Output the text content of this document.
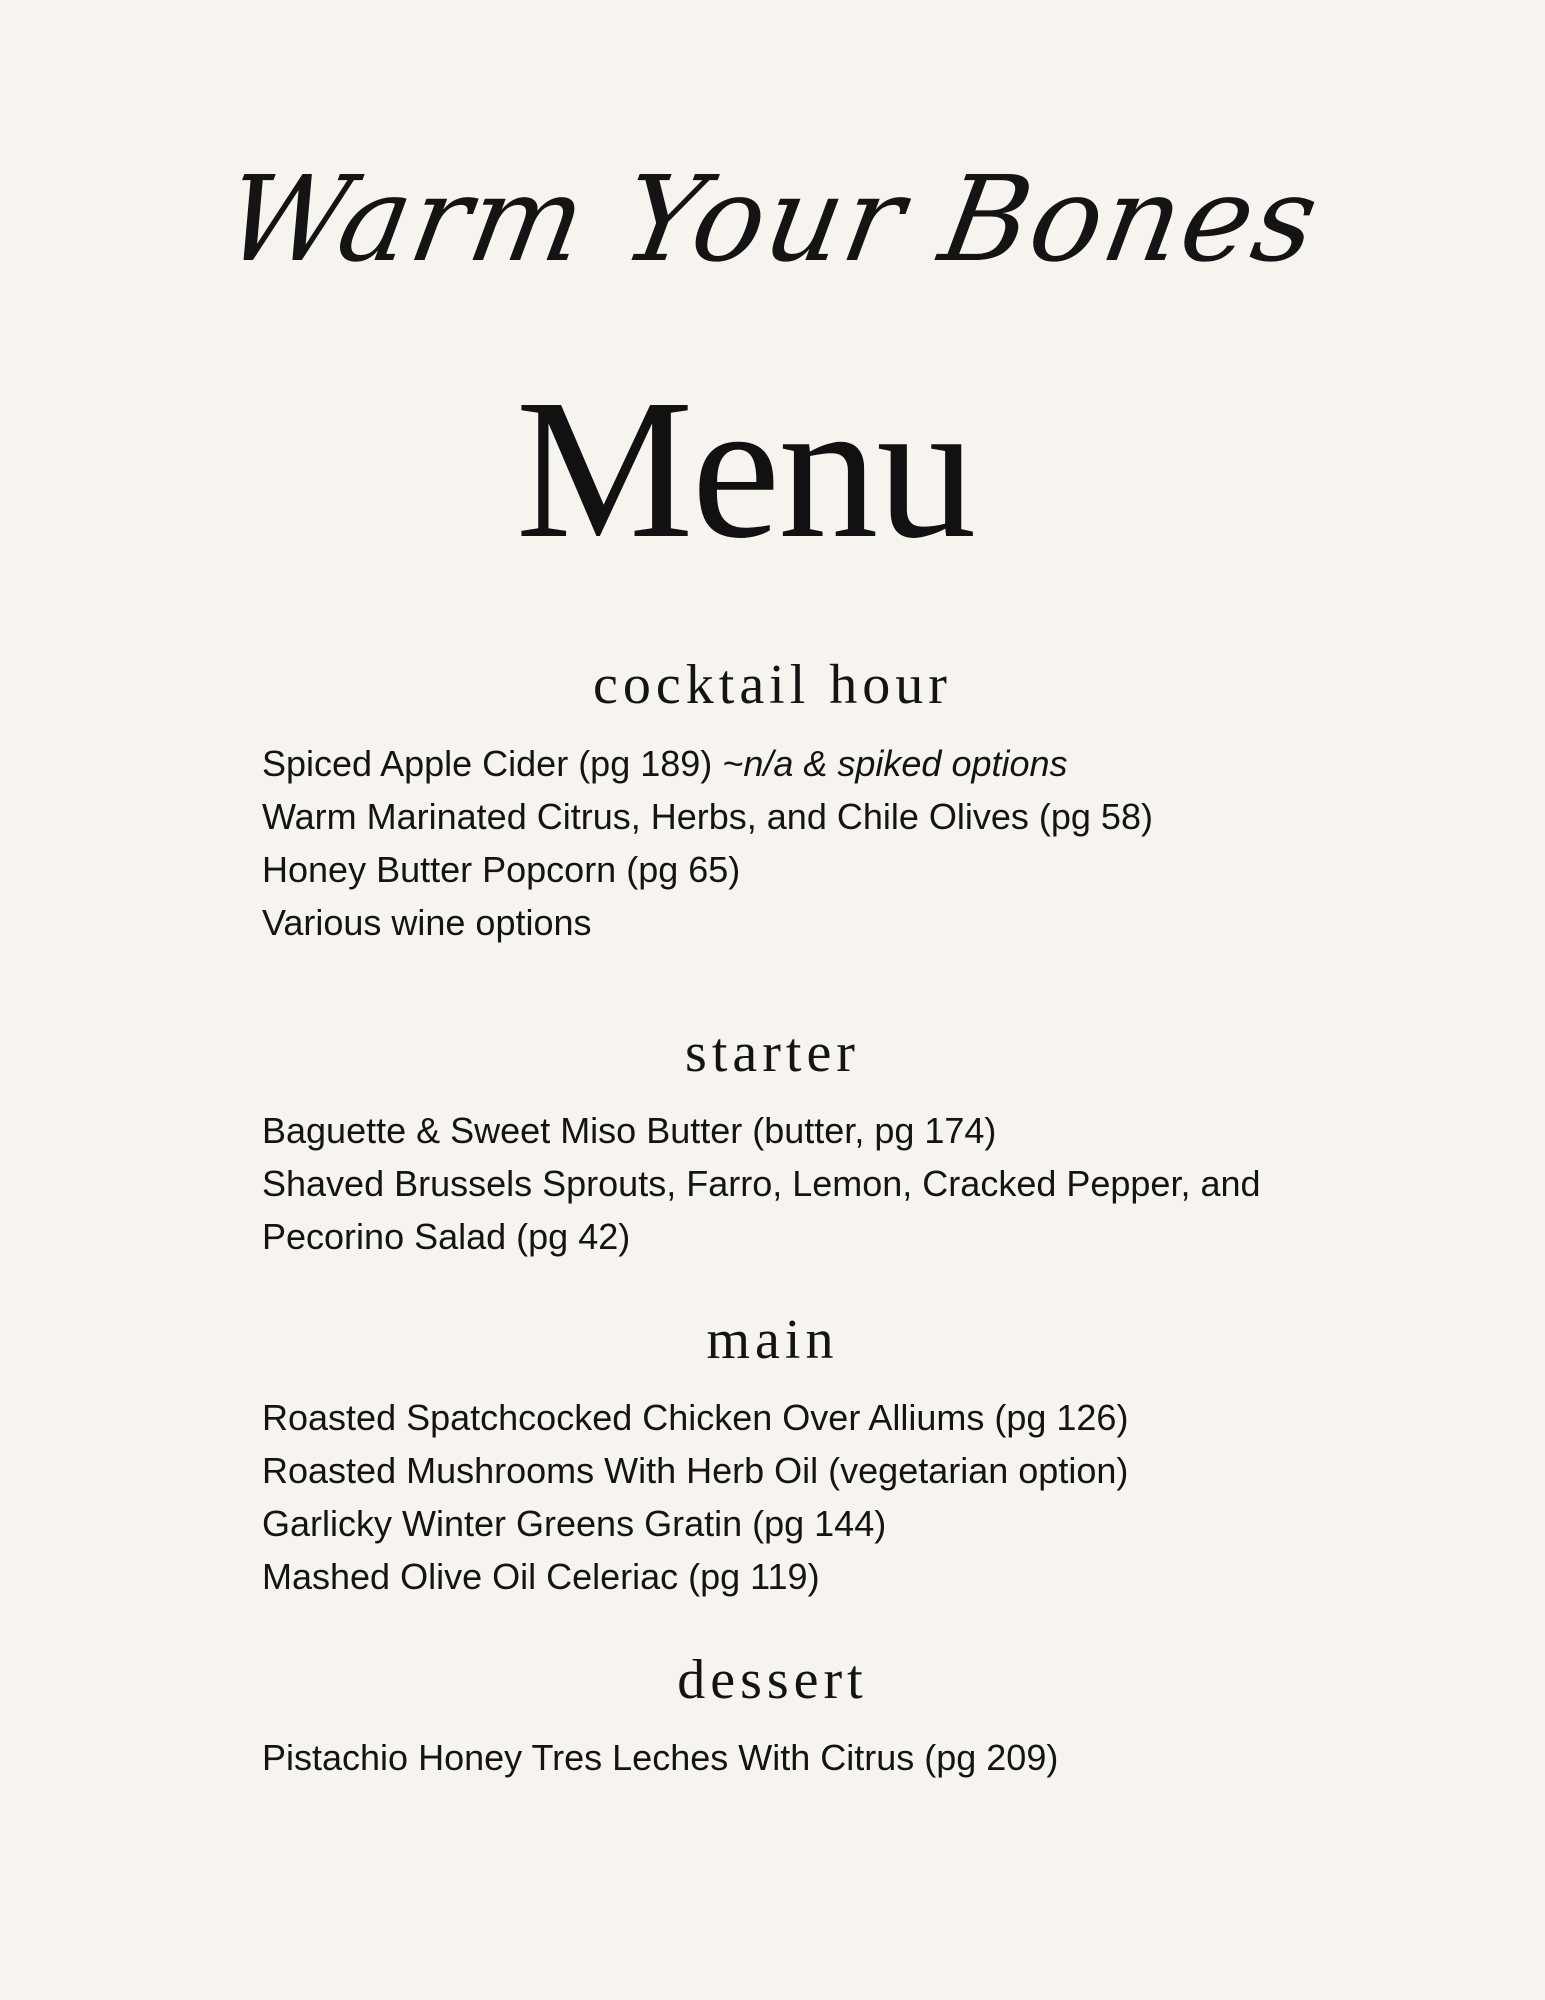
Warm Your Bones
Menu
cocktail hour
Spiced Apple Cider (pg 189) ~n/a & spiked options
Warm Marinated Citrus, Herbs, and Chile Olives (pg 58)
Honey Butter Popcorn (pg 65)
Various wine options
starter
Baguette & Sweet Miso Butter (butter, pg 174)
Shaved Brussels Sprouts, Farro, Lemon, Cracked Pepper, and Pecorino Salad (pg 42)
main
Roasted Spatchcocked Chicken Over Alliums (pg 126)
Roasted Mushrooms With Herb Oil (vegetarian option)
Garlicky Winter Greens Gratin (pg 144)
Mashed Olive Oil Celeriac (pg 119)
dessert
Pistachio Honey Tres Leches With Citrus (pg 209)
